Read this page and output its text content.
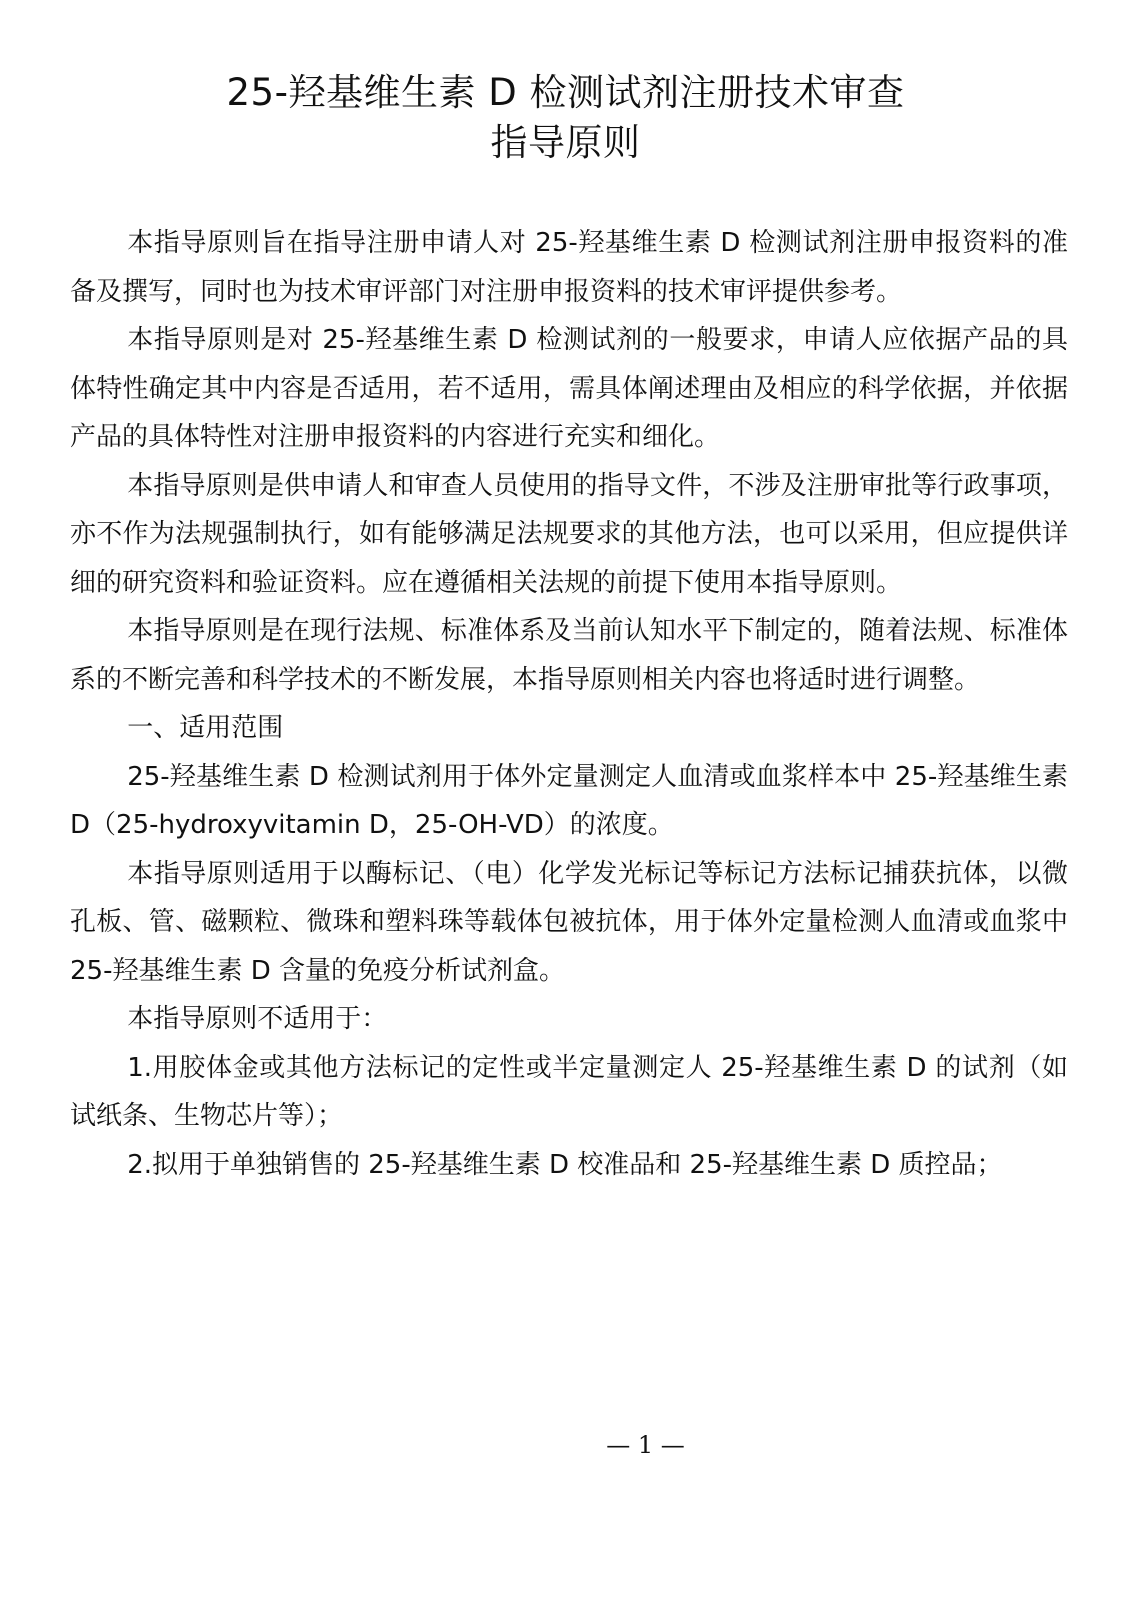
25-羟基维生素 D 检测试剂注册技术审查
指导原则

本指导原则旨在指导注册申请人对 25-羟基维生素 D 检测试剂注册申报资料的准备及撰写，同时也为技术审评部门对注册申报资料的技术审评提供参考。

本指导原则是对 25-羟基维生素 D 检测试剂的一般要求，申请人应依据产品的具体特性确定其中内容是否适用，若不适用，需具体阐述理由及相应的科学依据，并依据产品的具体特性对注册申报资料的内容进行充实和细化。

本指导原则是供申请人和审查人员使用的指导文件，不涉及注册审批等行政事项，亦不作为法规强制执行，如有能够满足法规要求的其他方法，也可以采用，但应提供详细的研究资料和验证资料。应在遵循相关法规的前提下使用本指导原则。

本指导原则是在现行法规、标准体系及当前认知水平下制定的，随着法规、标准体系的不断完善和科学技术的不断发展，本指导原则相关内容也将适时进行调整。

一、适用范围

25-羟基维生素 D 检测试剂用于体外定量测定人血清或血浆样本中 25-羟基维生素 D（25-hydroxyvitamin D，25-OH-VD）的浓度。

本指导原则适用于以酶标记、（电）化学发光标记等标记方法标记捕获抗体，以微孔板、管、磁颗粒、微珠和塑料珠等载体包被抗体，用于体外定量检测人血清或血浆中 25-羟基维生素 D 含量的免疫分析试剂盒。

本指导原则不适用于：

1.用胶体金或其他方法标记的定性或半定量测定人 25-羟基维生素 D 的试剂（如试纸条、生物芯片等）；

2.拟用于单独销售的 25-羟基维生素 D 校准品和 25-羟基维生素 D 质控品；

— 1 —
